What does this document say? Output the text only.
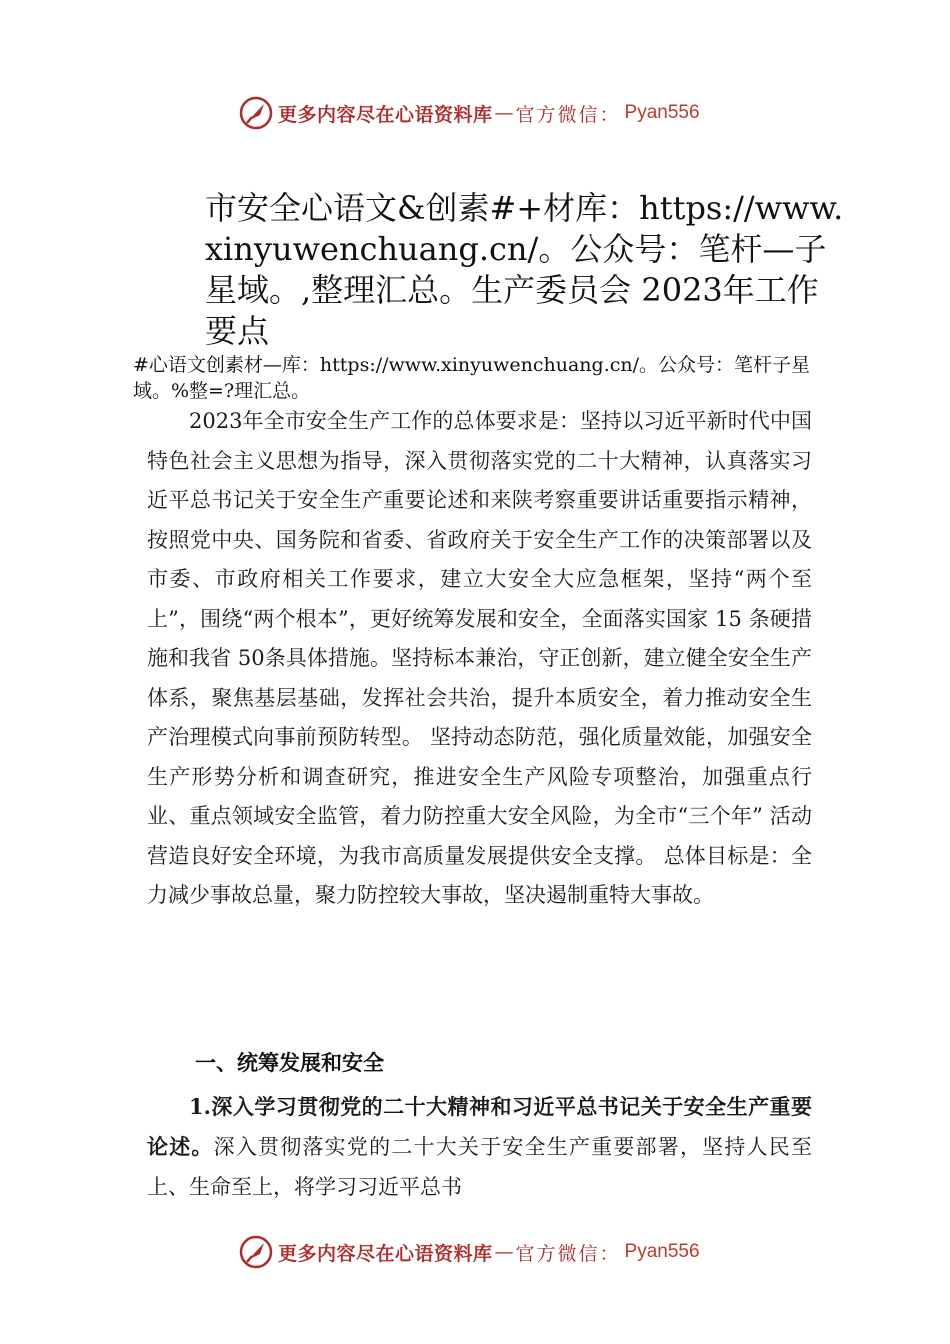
更多内容尽在心语资料库 — 官方微信： Pyan556
市安全心语文&创素#+材库：https://www.xinyuwenchuang.cn/。公众号：笔杆—子星域。,整理汇总。生产委员会 2023年工作要点
#心语文创素材—库：https://www.xinyuwenchuang.cn/。公众号：笔杆子星域。%整=?理汇总。

2023年全市安全生产工作的总体要求是：坚持以习近平新时代中国特色社会主义思想为指导，深入贯彻落实党的二十大精神，认真落实习近平总书记关于安全生产重要论述和来陕考察重要讲话重要指示精神，按照党中央、国务院和省委、省政府关于安全生产工作的决策部署以及市委、市政府相关工作要求，建立大安全大应急框架，坚持“两个至上”，围绕“两个根本”，更好统筹发展和安全，全面落实国家 15 条硬措施和我省 50条具体措施。坚持标本兼治，守正创新，建立健全安全生产体系，聚焦基层基础，发挥社会共治，提升本质安全，着力推动安全生产治理模式向事前预防转型。 坚持动态防范，强化质量效能，加强安全生产形势分析和调查研究，推进安全生产风险专项整治，加强重点行业、重点领域安全监管，着力防控重大安全风险，为全市“三个年” 活动营造良好安全环境，为我市高质量发展提供安全支撑。 总体目标是：全力减少事故总量，聚力防控较大事故，坚决遏制重特大事故。

一、统筹发展和安全

1.深入学习贯彻党的二十大精神和习近平总书记关于安全生产重要论述。深入贯彻落实党的二十大关于安全生产重要部署，坚持人民至上、生命至上，将学习习近平总书

更多内容尽在心语资料库 — 官方微信： Pyan556
